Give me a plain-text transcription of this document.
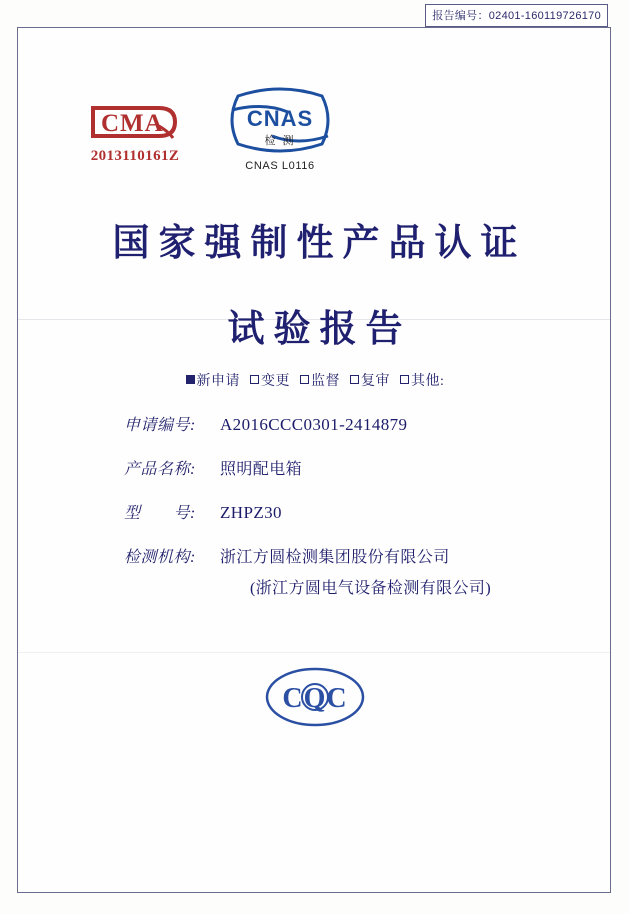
报告编号：02401-160119726170
CMA
2013110161Z
CNAS
检 测
CNAS L0116
国家强制性产品认证
试验报告
新申请 变更 监督 复审 其他:
申请编号:	A2016CCC0301-2414879
产品名称:	照明配电箱
型　　号:	ZHPZ30
检测机构:	浙江方圆检测集团股份有限公司
(浙江方圆电气设备检测有限公司)
CQC
